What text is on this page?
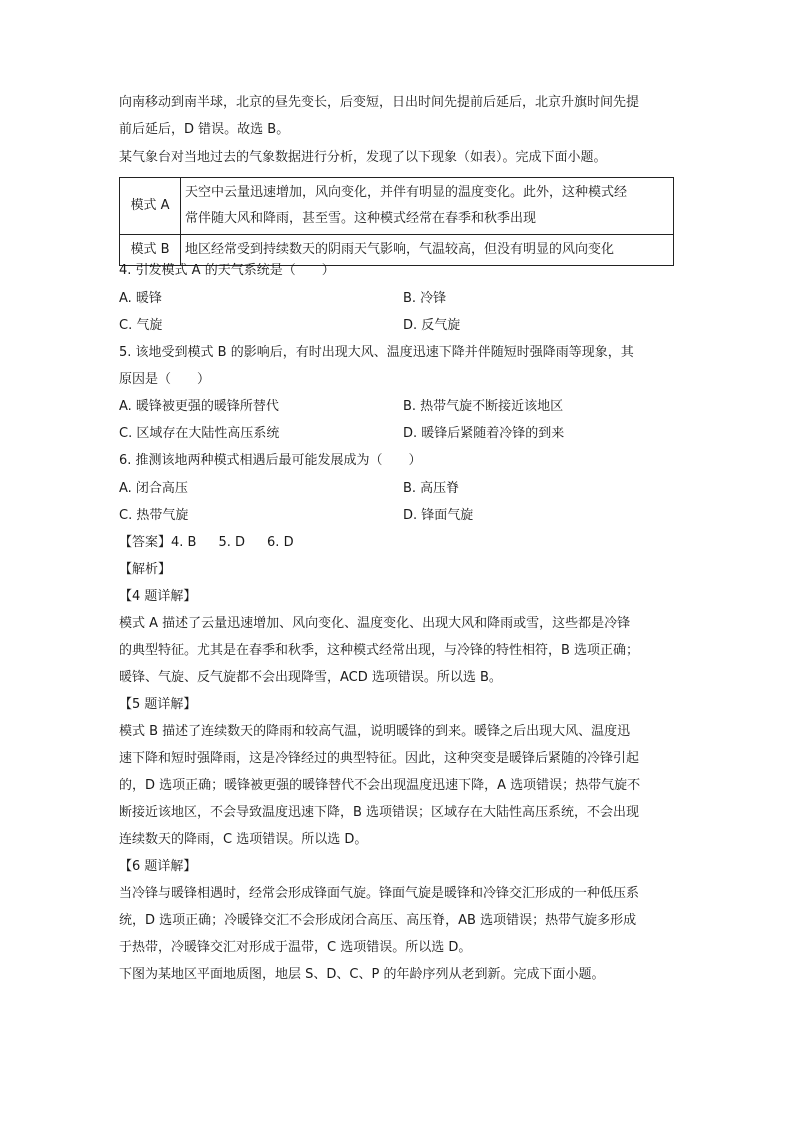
向南移动到南半球，北京的昼先变长，后变短，日出时间先提前后延后，北京升旗时间先提
前后延后，D 错误。故选 B。
某气象台对当地过去的气象数据进行分析，发现了以下现象（如表）。完成下面小题。
模式 A	天空中云量迅速增加，风向变化，并伴有明显的温度变化。此外，这种模式经
常伴随大风和降雨，甚至雪。这种模式经常在春季和秋季出现

模式 B	地区经常受到持续数天的阴雨天气影响，气温较高，但没有明显的风向变化
4. 引发模式 A 的天气系统是（　　）
A. 暖锋	B. 冷锋
C. 气旋	D. 反气旋
5. 该地受到模式 B 的影响后，有时出现大风、温度迅速下降并伴随短时强降雨等现象，其
原因是（　　）
A. 暖锋被更强的暖锋所替代	B. 热带气旋不断接近该地区
C. 区域存在大陆性高压系统	D. 暖锋后紧随着冷锋的到来
6. 推测该地两种模式相遇后最可能发展成为（　　）
A. 闭合高压	B. 高压脊
C. 热带气旋	D. 锋面气旋
【答案】4. B 5. D 6. D
【解析】
【4 题详解】
模式 A 描述了云量迅速增加、风向变化、温度变化、出现大风和降雨或雪，这些都是冷锋
的典型特征。尤其是在春季和秋季，这种模式经常出现，与冷锋的特性相符，B 选项正确；
暖锋、气旋、反气旋都不会出现降雪，ACD 选项错误。所以选 B。
【5 题详解】
模式 B 描述了连续数天的降雨和较高气温，说明暖锋的到来。暖锋之后出现大风、温度迅
速下降和短时强降雨，这是冷锋经过的典型特征。因此，这种突变是暖锋后紧随的冷锋引起
的，D 选项正确；暖锋被更强的暖锋替代不会出现温度迅速下降，A 选项错误；热带气旋不
断接近该地区，不会导致温度迅速下降，B 选项错误；区域存在大陆性高压系统，不会出现
连续数天的降雨，C 选项错误。所以选 D。
【6 题详解】
当冷锋与暖锋相遇时，经常会形成锋面气旋。锋面气旋是暖锋和冷锋交汇形成的一种低压系
统，D 选项正确；冷暖锋交汇不会形成闭合高压、高压脊，AB 选项错误；热带气旋多形成
于热带，冷暖锋交汇对形成于温带，C 选项错误。所以选 D。
下图为某地区平面地质图，地层 S、D、C、P 的年龄序列从老到新。完成下面小题。
